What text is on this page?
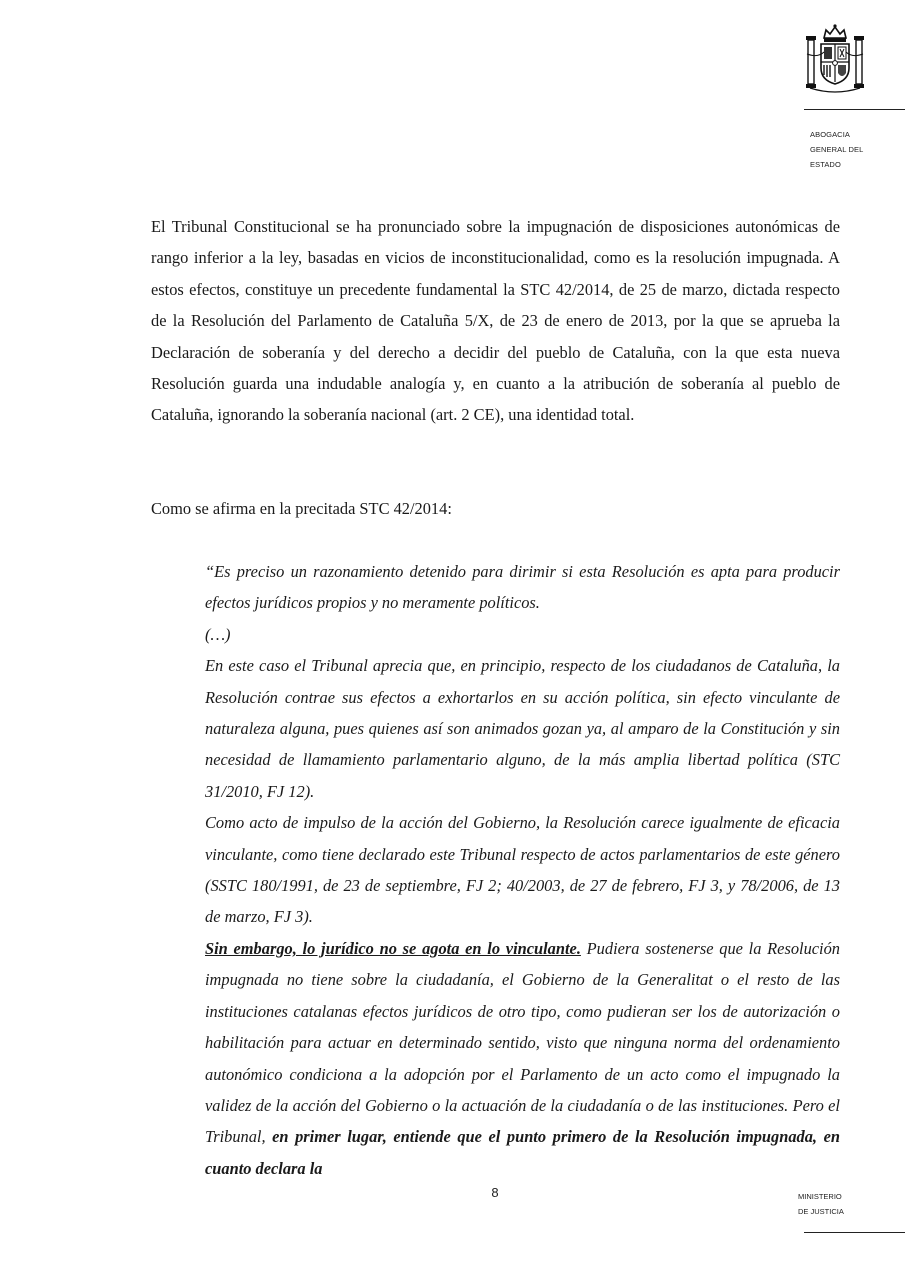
ABOGACIA
GENERAL DEL
ESTADO

El Tribunal Constitucional se ha pronunciado sobre la impugnación de disposiciones autonómicas de rango inferior a la ley, basadas en vicios de inconstitucionalidad, como es la resolución impugnada. A estos efectos, constituye un precedente fundamental la STC 42/2014, de 25 de marzo, dictada respecto de la Resolución del Parlamento de Cataluña 5/X, de 23 de enero de 2013, por la que se aprueba la Declaración de soberanía y del derecho a decidir del pueblo de Cataluña, con la que esta nueva Resolución guarda una indudable analogía y, en cuanto a la atribución de soberanía al pueblo de Cataluña, ignorando la soberanía nacional (art. 2 CE), una identidad total.

Como se afirma en la precitada STC 42/2014:

“Es preciso un razonamiento detenido para dirimir si esta Resolución es apta para producir efectos jurídicos propios y no meramente políticos.

(…)

En este caso el Tribunal aprecia que, en principio, respecto de los ciudadanos de Cataluña, la Resolución contrae sus efectos a exhortarlos en su acción política, sin efecto vinculante de naturaleza alguna, pues quienes así son animados gozan ya, al amparo de la Constitución y sin necesidad de llamamiento parlamentario alguno, de la más amplia libertad política (STC 31/2010, FJ 12).

Como acto de impulso de la acción del Gobierno, la Resolución carece igualmente de eficacia vinculante, como tiene declarado este Tribunal respecto de actos parlamentarios de este género (SSTC 180/1991, de 23 de septiembre, FJ 2; 40/2003, de 27 de febrero, FJ 3, y 78/2006, de 13 de marzo, FJ 3).

Sin embargo, lo jurídico no se agota en lo vinculante. Pudiera sostenerse que la Resolución impugnada no tiene sobre la ciudadanía, el Gobierno de la Generalitat o el resto de las instituciones catalanas efectos jurídicos de otro tipo, como pudieran ser los de autorización o habilitación para actuar en determinado sentido, visto que ninguna norma del ordenamiento autonómico condiciona a la adopción por el Parlamento de un acto como el impugnado la validez de la acción del Gobierno o la actuación de la ciudadanía o de las instituciones. Pero el Tribunal, en primer lugar, entiende que el punto primero de la Resolución impugnada, en cuanto declara la

8	MINISTERIO
DE JUSTICIA
